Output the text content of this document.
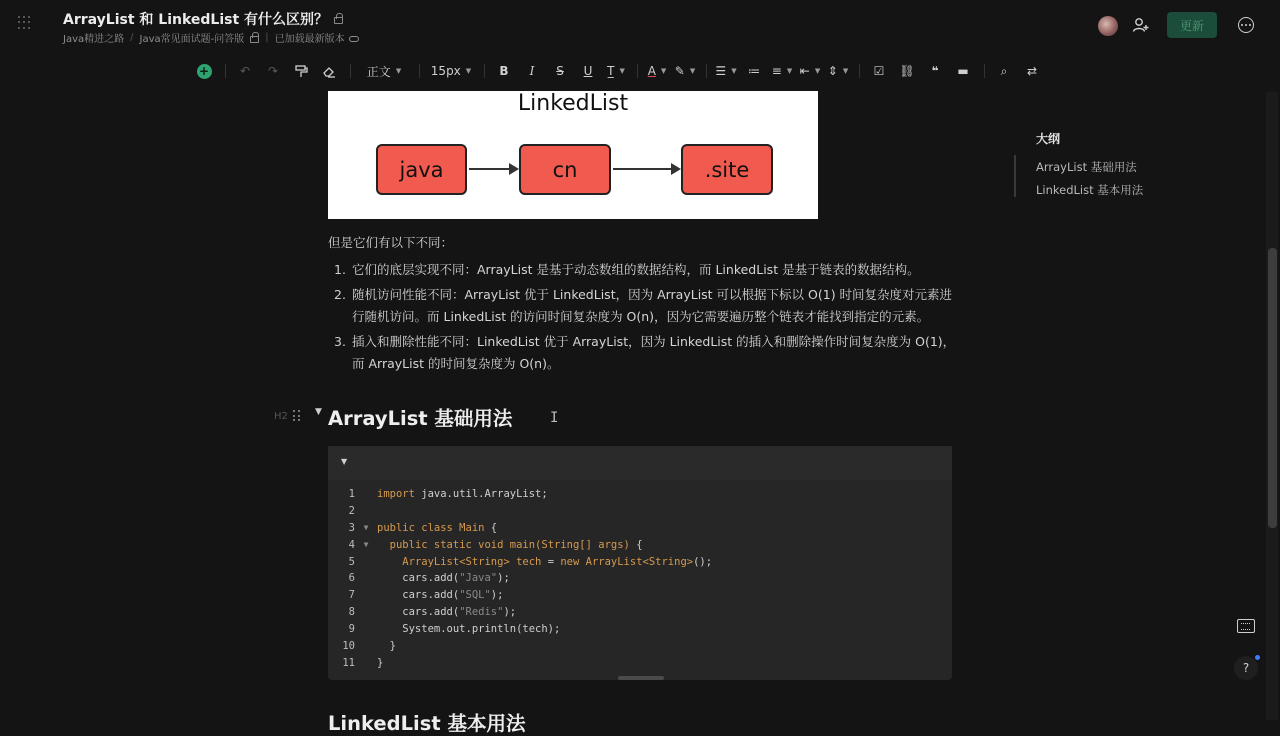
ArrayList 和 LinkedList 有什么区别？
Java精进之路 / Java常见面试题-问答版	| 已加载最新版本
更新
+	↶	↷	正文 ▼ 15px ▼	B	I	S	U	T̲ ▼ A ▼ ✎ ▼ ☰ ▼ ≔ ≡ ▼ ⇤ ▼ ⇕ ▼	☑	⛓	❝	▬	⌕	⇄
LinkedList
java	cn	.site
但是它们有以下不同：
1. 它们的底层实现不同：ArrayList 是基于动态数组的数据结构，而 LinkedList 是基于链表的数据结构。
2. 随机访问性能不同：ArrayList 优于 LinkedList，因为 ArrayList 可以根据下标以 O(1) 时间复杂度对元素进行随机访问。而 LinkedList 的访问时间复杂度为 O(n)，因为它需要遍历整个链表才能找到指定的元素。
3. 插入和删除性能不同：LinkedList 优于 ArrayList，因为 LinkedList 的插入和删除操作时间复杂度为 O(1)，而 ArrayList 的时间复杂度为 O(n)。
H2	▼ ArrayList 基础用法	I
▼
1 import java.util.ArrayList;
2
3	▼ public class Main {
4	▼	public static void main(String[] args) {
5	ArrayList<String> tech = new ArrayList<String>();
6 cars.add("Java");
7 cars.add("SQL");
8 cars.add("Redis");
9 System.out.println(tech);
10 }
11 }
LinkedList 基本用法
大纲
ArrayList 基础用法
LinkedList 基本用法
?
